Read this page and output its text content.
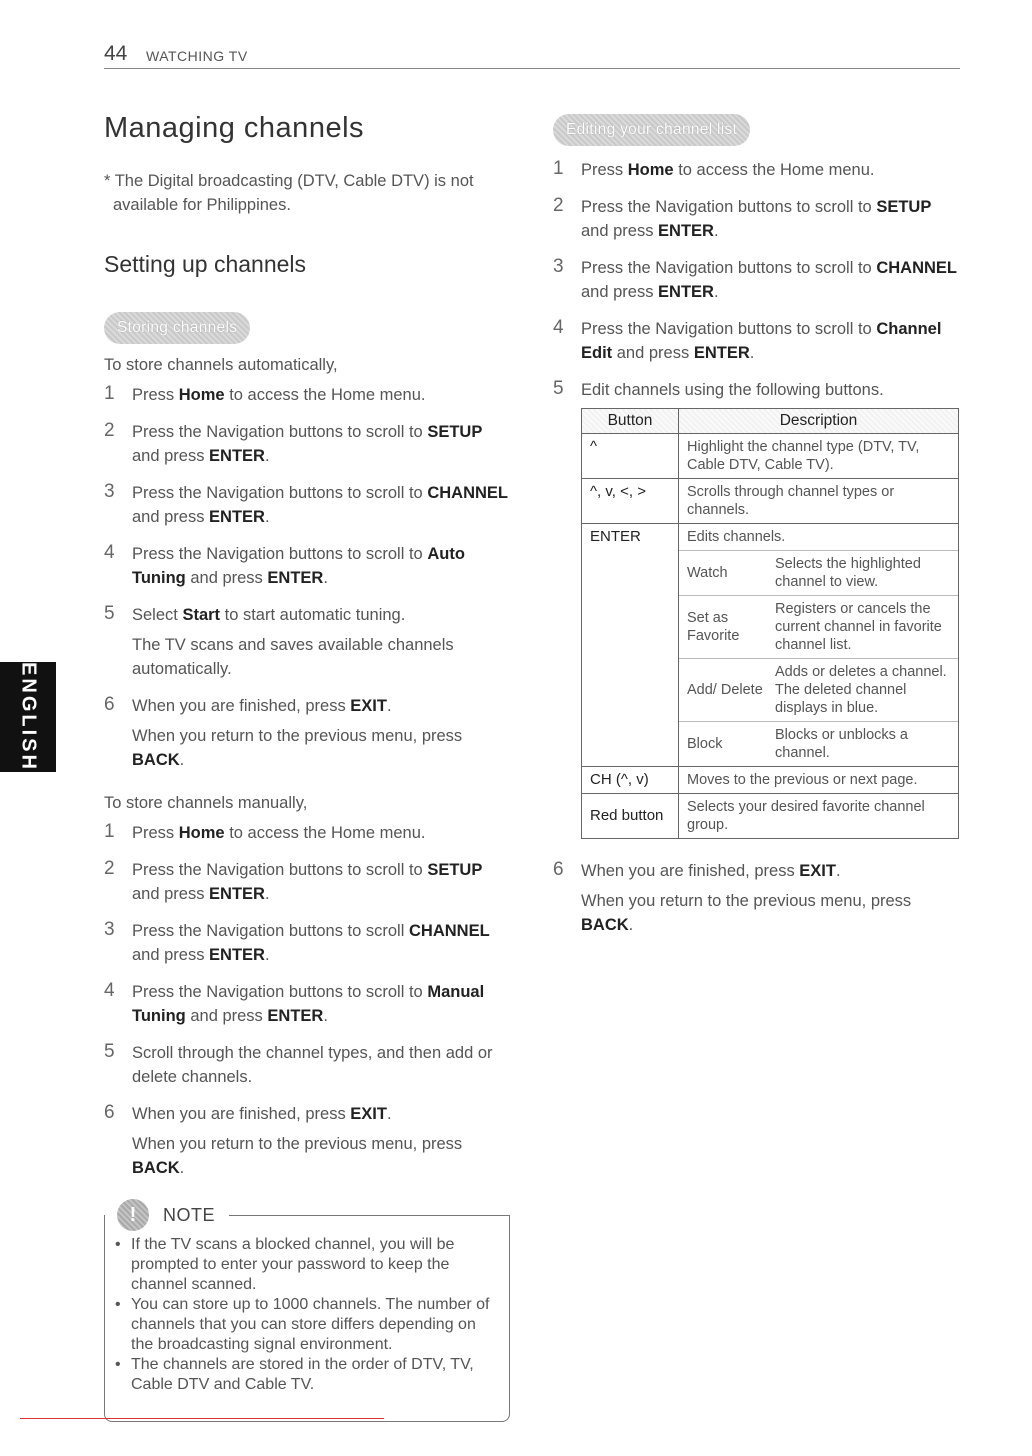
44 WATCHING TV
ENGLISH
Managing channels
* The Digital broadcasting (DTV, Cable DTV) is not available for Philippines.
Setting up channels
Storing channels
To store channels automatically,
1 Press Home to access the Home menu.
2 Press the Navigation buttons to scroll to SETUP and press ENTER.
3 Press the Navigation buttons to scroll to CHANNEL and press ENTER.
4 Press the Navigation buttons to scroll to Auto Tuning and press ENTER.
5 Select Start to start automatic tuning.
The TV scans and saves available channels automatically.
6 When you are finished, press EXIT.
When you return to the previous menu, press BACK.
To store channels manually,
1 Press Home to access the Home menu.
2 Press the Navigation buttons to scroll to SETUP and press ENTER.
3 Press the Navigation buttons to scroll CHANNEL and press ENTER.
4 Press the Navigation buttons to scroll to Manual Tuning and press ENTER.
5 Scroll through the channel types, and then add or delete channels.
6 When you are finished, press EXIT.
When you return to the previous menu, press BACK.
!	NOTE
• If the TV scans a blocked channel, you will be prompted to enter your password to keep the channel scanned.
• You can store up to 1000 channels. The number of channels that you can store differs depending on the broadcasting signal environment.
• The channels are stored in the order of DTV, TV, Cable DTV and Cable TV.
Editing your channel list
1 Press Home to access the Home menu.
2 Press the Navigation buttons to scroll to SETUP and press ENTER.
3 Press the Navigation buttons to scroll to CHANNEL and press ENTER.
4 Press the Navigation buttons to scroll to Channel Edit and press ENTER.
5 Edit channels using the following buttons.
Button	Description
^	Highlight the channel type (DTV, TV, Cable DTV, Cable TV).
^, v, <, >	Scrolls through channel types or channels.
ENTER	Edits channels.
Watch	Selects the highlighted channel to view.
Set as Favorite	Registers or cancels the current channel in favorite channel list.
Add/ Delete	Adds or deletes a channel. The deleted channel displays in blue.
Block	Blocks or unblocks a channel.

CH (^, v)	Moves to the previous or next page.
Red button	Selects your desired favorite channel group.
6 When you are finished, press EXIT.
When you return to the previous menu, press BACK.
